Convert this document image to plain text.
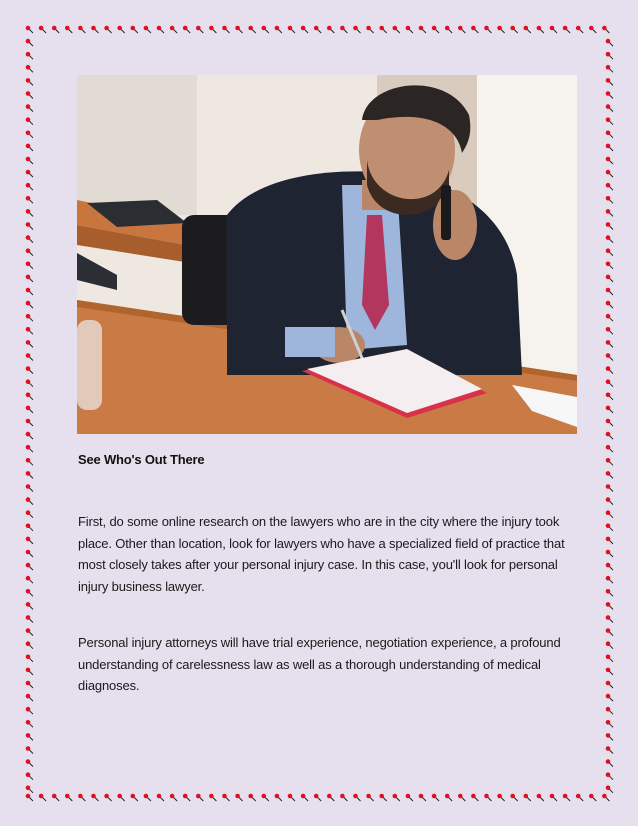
See Who's Out There

First, do some online research on the lawyers who are in the city where the injury took place. Other than location, look for lawyers who have a specialized field of practice that most closely takes after your personal injury case. In this case, you'll look for personal injury business lawyer.

Personal injury attorneys will have trial experience, negotiation experience, a profound understanding of carelessness law as well as a thorough understanding of medical diagnoses.
